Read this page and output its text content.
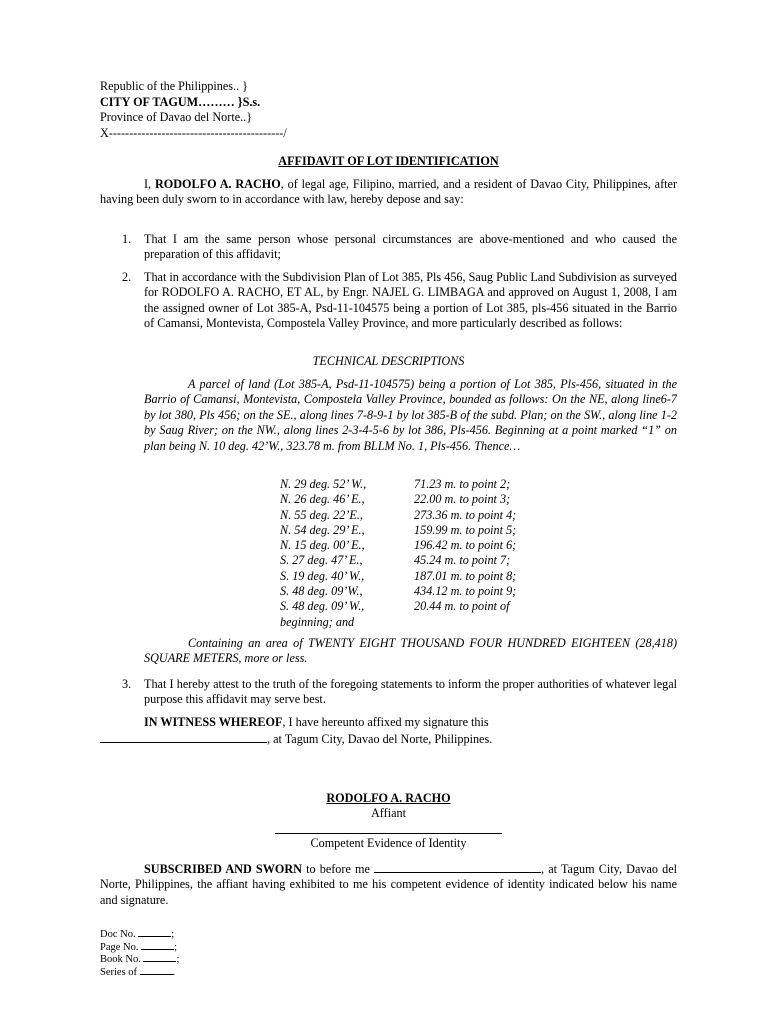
Republic of the Philippines.. }
CITY OF TAGUM……… }S.s.
Province of Davao del Norte..}
X-------------------------------------------/
AFFIDAVIT OF LOT IDENTIFICATION
I, RODOLFO A. RACHO, of legal age, Filipino, married, and a resident of Davao City, Philippines, after having been duly sworn to in accordance with law, hereby depose and say:
1. That I am the same person whose personal circumstances are above-mentioned and who caused the preparation of this affidavit;
2. That in accordance with the Subdivision Plan of Lot 385, Pls 456, Saug Public Land Subdivision as surveyed for RODOLFO A. RACHO, ET AL, by Engr. NAJEL G. LIMBAGA and approved on August 1, 2008, I am the assigned owner of Lot 385-A, Psd-11-104575 being a portion of Lot 385, pls-456 situated in the Barrio of Camansi, Montevista, Compostela Valley Province, and more particularly described as follows:
TECHNICAL DESCRIPTIONS
A parcel of land (Lot 385-A, Psd-11-104575) being a portion of Lot 385, Pls-456, situated in the Barrio of Camansi, Montevista, Compostela Valley Province, bounded as follows: On the NE, along line6-7 by lot 380, Pls 456; on the SE., along lines 7-8-9-1 by lot 385-B of the subd. Plan; on the SW., along line 1-2 by Saug River; on the NW., along lines 2-3-4-5-6 by lot 386, Pls-456. Beginning at a point marked “1” on plan being N. 10 deg. 42’W., 323.78 m. from BLLM No. 1, Pls-456. Thence…
N. 29 deg. 52’ W.,	71.23 m. to point 2;
N. 26 deg. 46’ E.,	22.00 m. to point 3;
N. 55 deg. 22’E.,	273.36 m. to point 4;
N. 54 deg. 29’ E.,	159.99 m. to point 5;
N. 15 deg. 00’ E.,	196.42 m. to point 6;
S. 27 deg. 47’ E.,	45.24 m. to point 7;
S. 19 deg. 40’ W.,	187.01 m. to point 8;
S. 48 deg. 09’W.,	434.12 m. to point 9;
S. 48 deg. 09’ W.,	20.44 m. to point of
beginning; and
Containing an area of TWENTY EIGHT THOUSAND FOUR HUNDRED EIGHTEEN (28,418) SQUARE METERS, more or less.
3. That I hereby attest to the truth of the foregoing statements to inform the proper authorities of whatever legal purpose this affidavit may serve best.
IN WITNESS WHEREOF, I have hereunto affixed my signature this
, at Tagum City, Davao del Norte, Philippines.
RODOLFO A. RACHO
Affiant
Competent Evidence of Identity
SUBSCRIBED AND SWORN to before me	, at Tagum City, Davao del Norte, Philippines, the affiant having exhibited to me his competent evidence of identity indicated below his name and signature.
Doc No.	;
Page No.	;
Book No.	;
Series of	.
